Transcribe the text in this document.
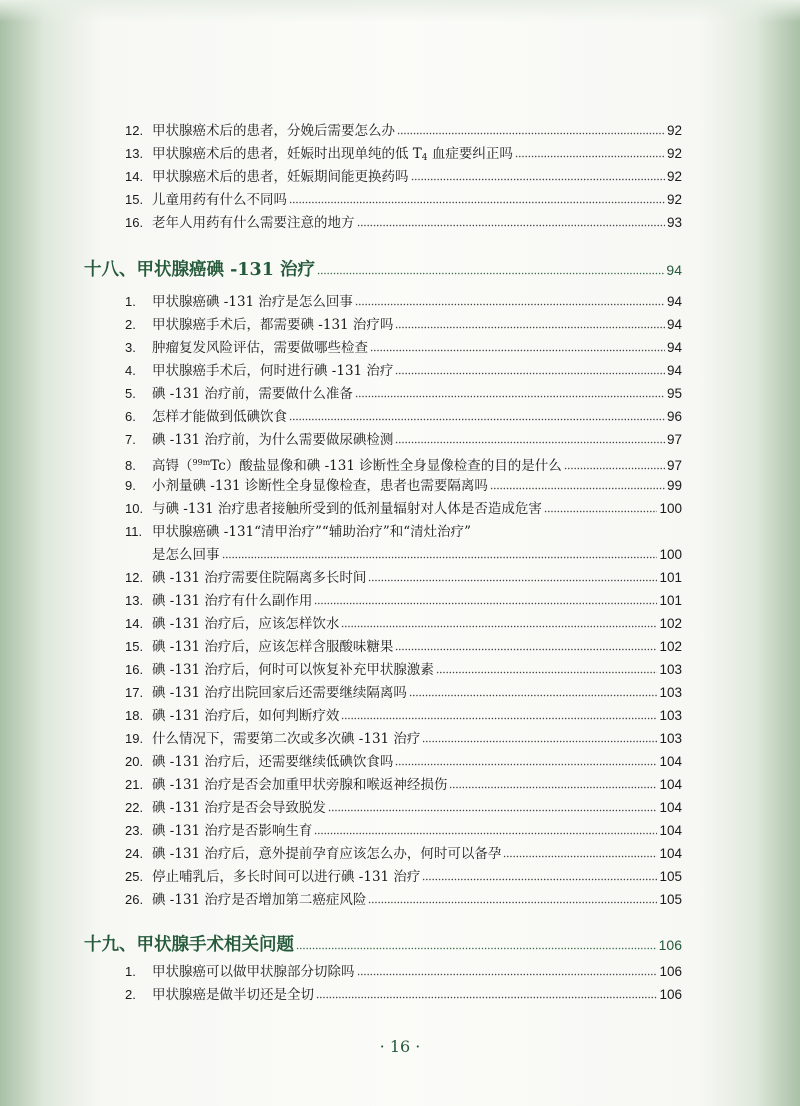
12. 甲状腺癌术后的患者，分娩后需要怎么办	92
13. 甲状腺癌术后的患者，妊娠时出现单纯的低 $T_4$ 血症要纠正吗	92
14. 甲状腺癌术后的患者，妊娠期间能更换药吗	92
15. 儿童用药有什么不同吗	92
16. 老年人用药有什么需要注意的地方	93
十八、甲状腺癌碘 -131 治疗	94
1.	甲状腺癌碘 -131 治疗是怎么回事	94
2.	甲状腺癌手术后，都需要碘 -131 治疗吗	94
3.	肿瘤复发风险评估，需要做哪些检查	94
4.	甲状腺癌手术后，何时进行碘 -131 治疗	94
5.	碘 -131 治疗前，需要做什么准备	95
6.	怎样才能做到低碘饮食	96
7.	碘 -131 治疗前，为什么需要做尿碘检测	97
8.	高锝（$^{99m}$Tc）酸盐显像和碘 -131 诊断性全身显像检查的目的是什么	97
9.	小剂量碘 -131 诊断性全身显像检查，患者也需要隔离吗	99
10. 与碘 -131 治疗患者接触所受到的低剂量辐射对人体是否造成危害	100
11. 甲状腺癌碘 -131“清甲治疗”“辅助治疗”和“清灶治疗”
是怎么回事	100
12. 碘 -131 治疗需要住院隔离多长时间	101
13. 碘 -131 治疗有什么副作用	101
14. 碘 -131 治疗后，应该怎样饮水	102
15. 碘 -131 治疗后，应该怎样含服酸味糖果	102
16. 碘 -131 治疗后，何时可以恢复补充甲状腺激素	103
17. 碘 -131 治疗出院回家后还需要继续隔离吗	103
18. 碘 -131 治疗后，如何判断疗效	103
19. 什么情况下，需要第二次或多次碘 -131 治疗	103
20. 碘 -131 治疗后，还需要继续低碘饮食吗	104
21. 碘 -131 治疗是否会加重甲状旁腺和喉返神经损伤	104
22. 碘 -131 治疗是否会导致脱发	104
23. 碘 -131 治疗是否影响生育	104
24. 碘 -131 治疗后，意外提前孕育应该怎么办，何时可以备孕	104
25. 停止哺乳后，多长时间可以进行碘 -131 治疗	105
26. 碘 -131 治疗是否增加第二癌症风险	105
十九、甲状腺手术相关问题	106
1.	甲状腺癌可以做甲状腺部分切除吗	106
2.	甲状腺癌是做半切还是全切	106
· 16 ·
